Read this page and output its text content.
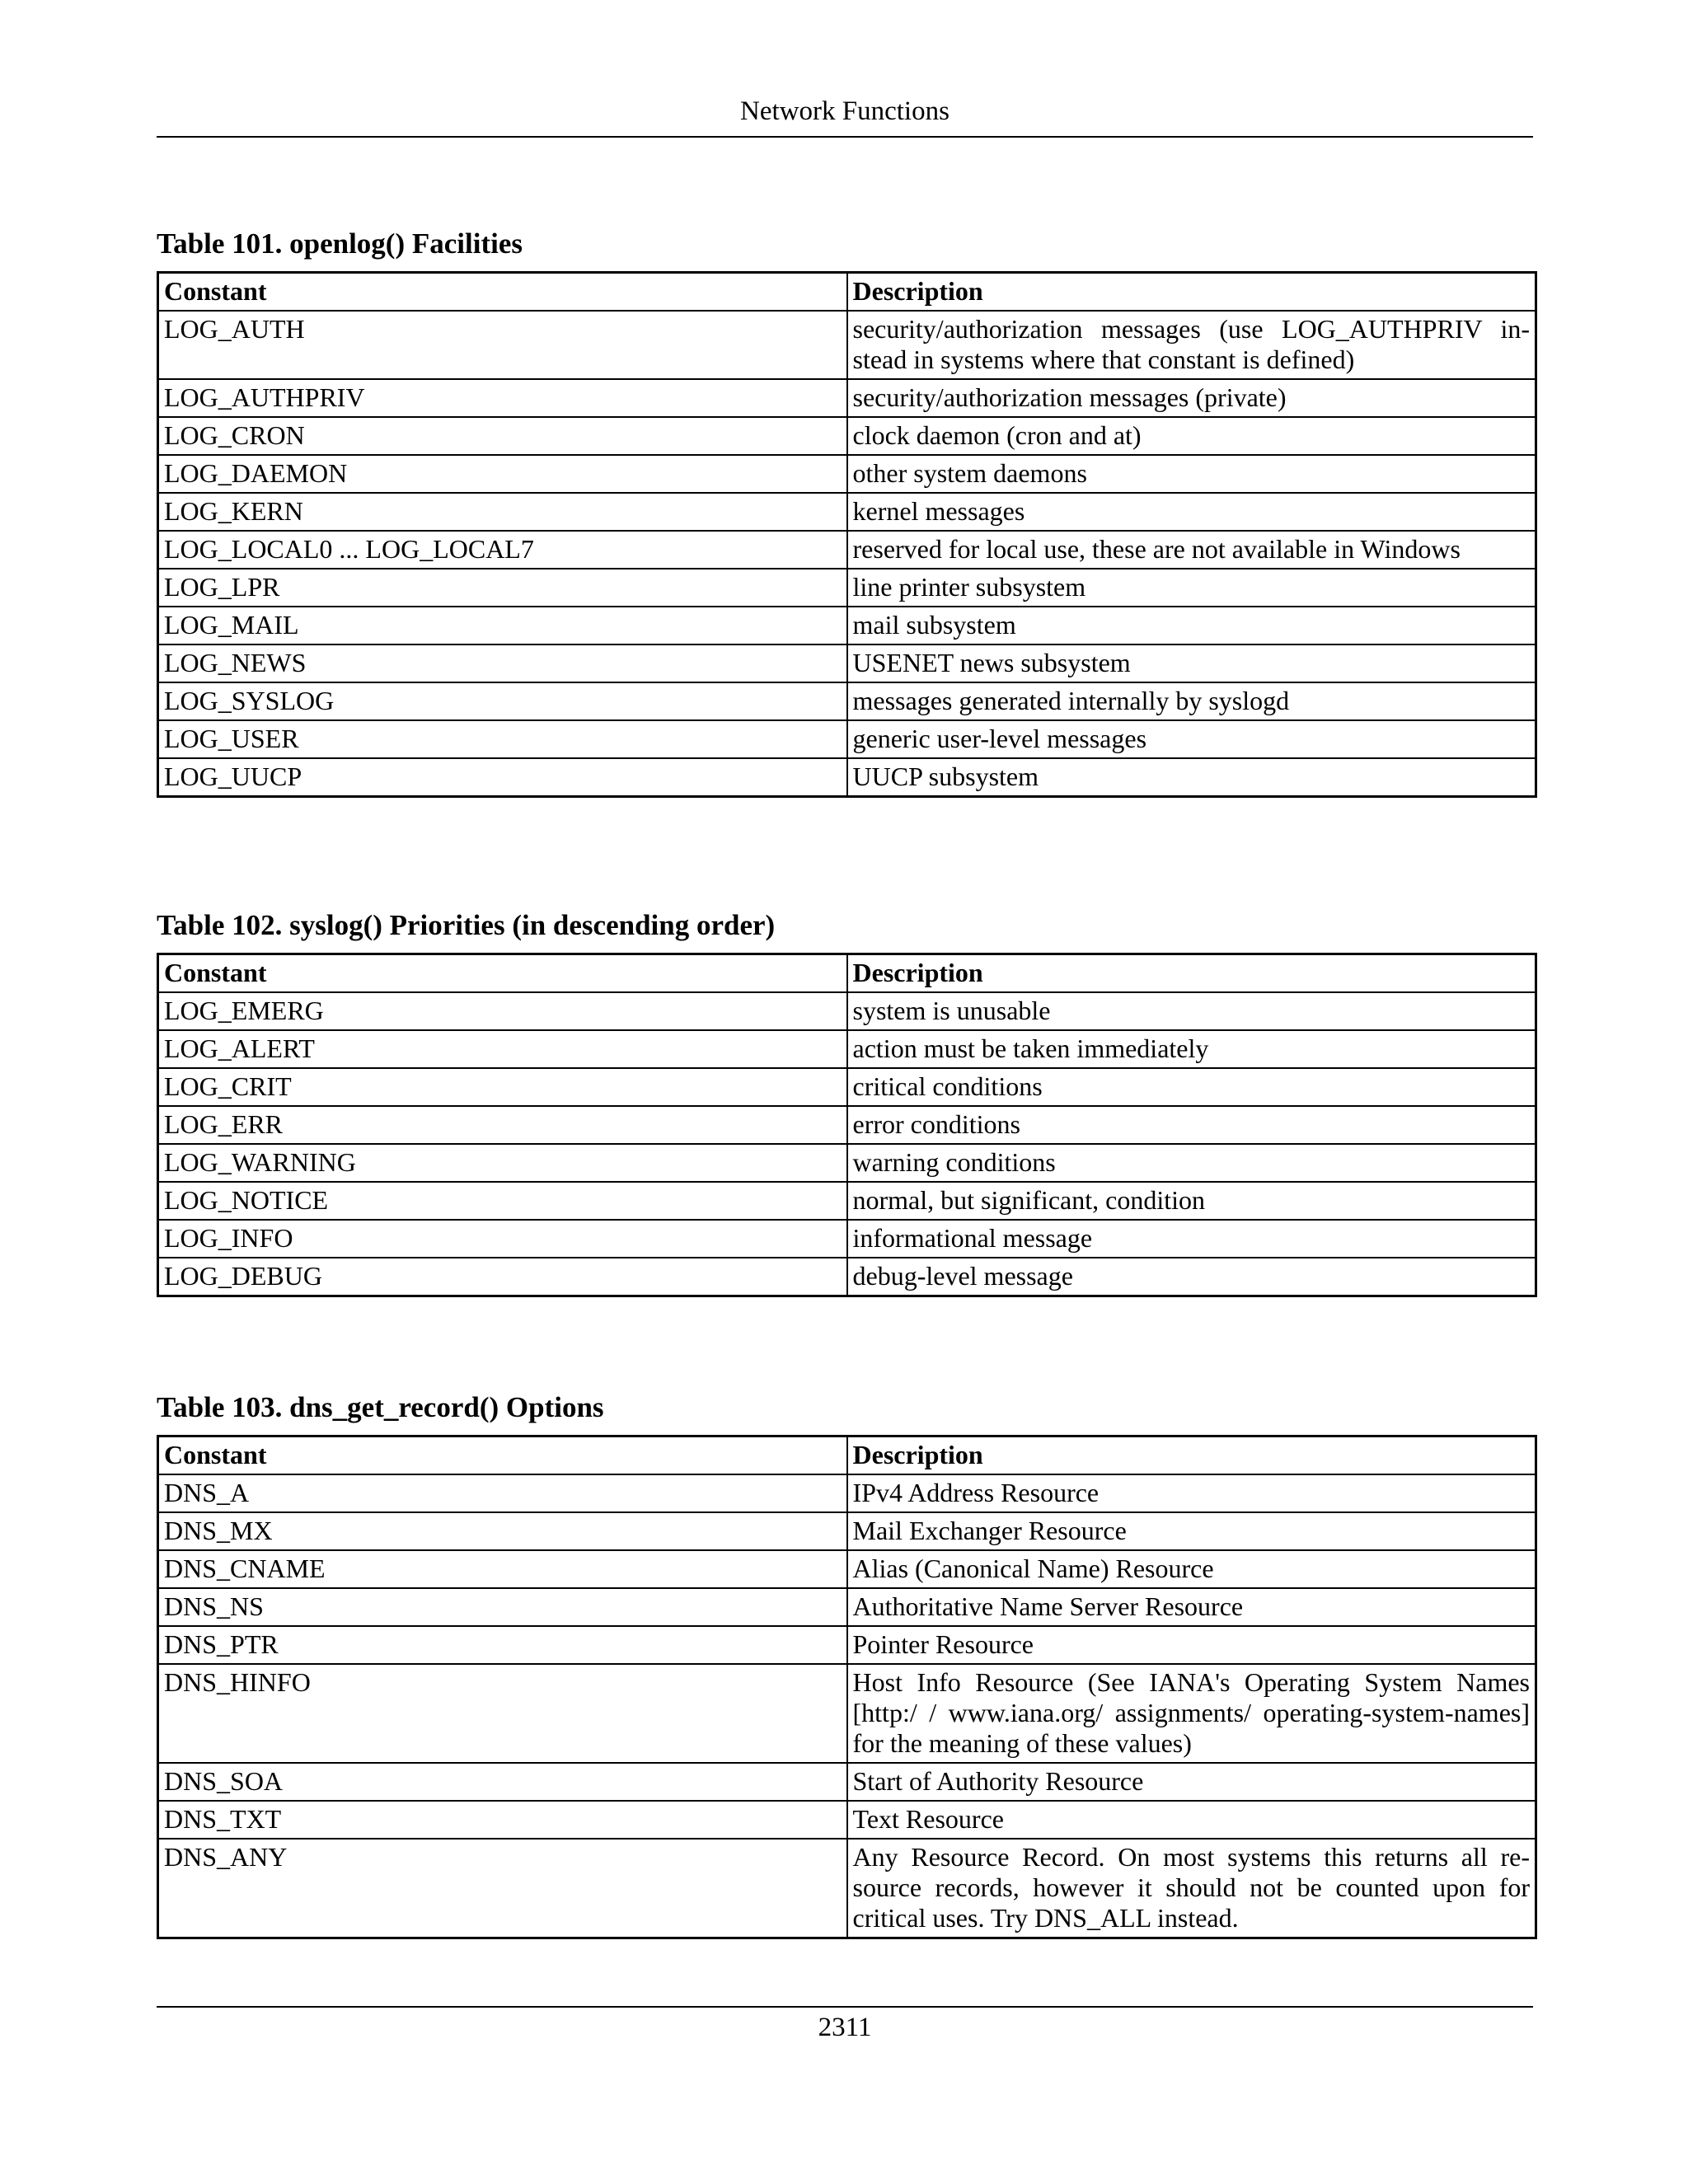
Network Functions
Table 101. openlog() Facilities
Constant	Description
LOG_AUTH	security/authorization messages (use LOG_AUTHPRIV in-stead in systems where that constant is defined)
LOG_AUTHPRIV	security/authorization messages (private)
LOG_CRON	clock daemon (cron and at)
LOG_DAEMON	other system daemons
LOG_KERN	kernel messages
LOG_LOCAL0 ... LOG_LOCAL7	reserved for local use, these are not available in Windows
LOG_LPR	line printer subsystem
LOG_MAIL	mail subsystem
LOG_NEWS	USENET news subsystem
LOG_SYSLOG	messages generated internally by syslogd
LOG_USER	generic user-level messages
LOG_UUCP	UUCP subsystem
Table 102. syslog() Priorities (in descending order)
Constant	Description
LOG_EMERG	system is unusable
LOG_ALERT	action must be taken immediately
LOG_CRIT	critical conditions
LOG_ERR	error conditions
LOG_WARNING	warning conditions
LOG_NOTICE	normal, but significant, condition
LOG_INFO	informational message
LOG_DEBUG	debug-level message
Table 103. dns_get_record() Options
Constant	Description
DNS_A	IPv4 Address Resource
DNS_MX	Mail Exchanger Resource
DNS_CNAME	Alias (Canonical Name) Resource
DNS_NS	Authoritative Name Server Resource
DNS_PTR	Pointer Resource
DNS_HINFO	Host Info Resource (See IANA's Operating System Names [http:/ / www.iana.org/ assignments/ operating-system-names] for the meaning of these values)
DNS_SOA	Start of Authority Resource
DNS_TXT	Text Resource
DNS_ANY	Any Resource Record. On most systems this returns all re-source records, however it should not be counted upon for critical uses. Try DNS_ALL instead.
2311
